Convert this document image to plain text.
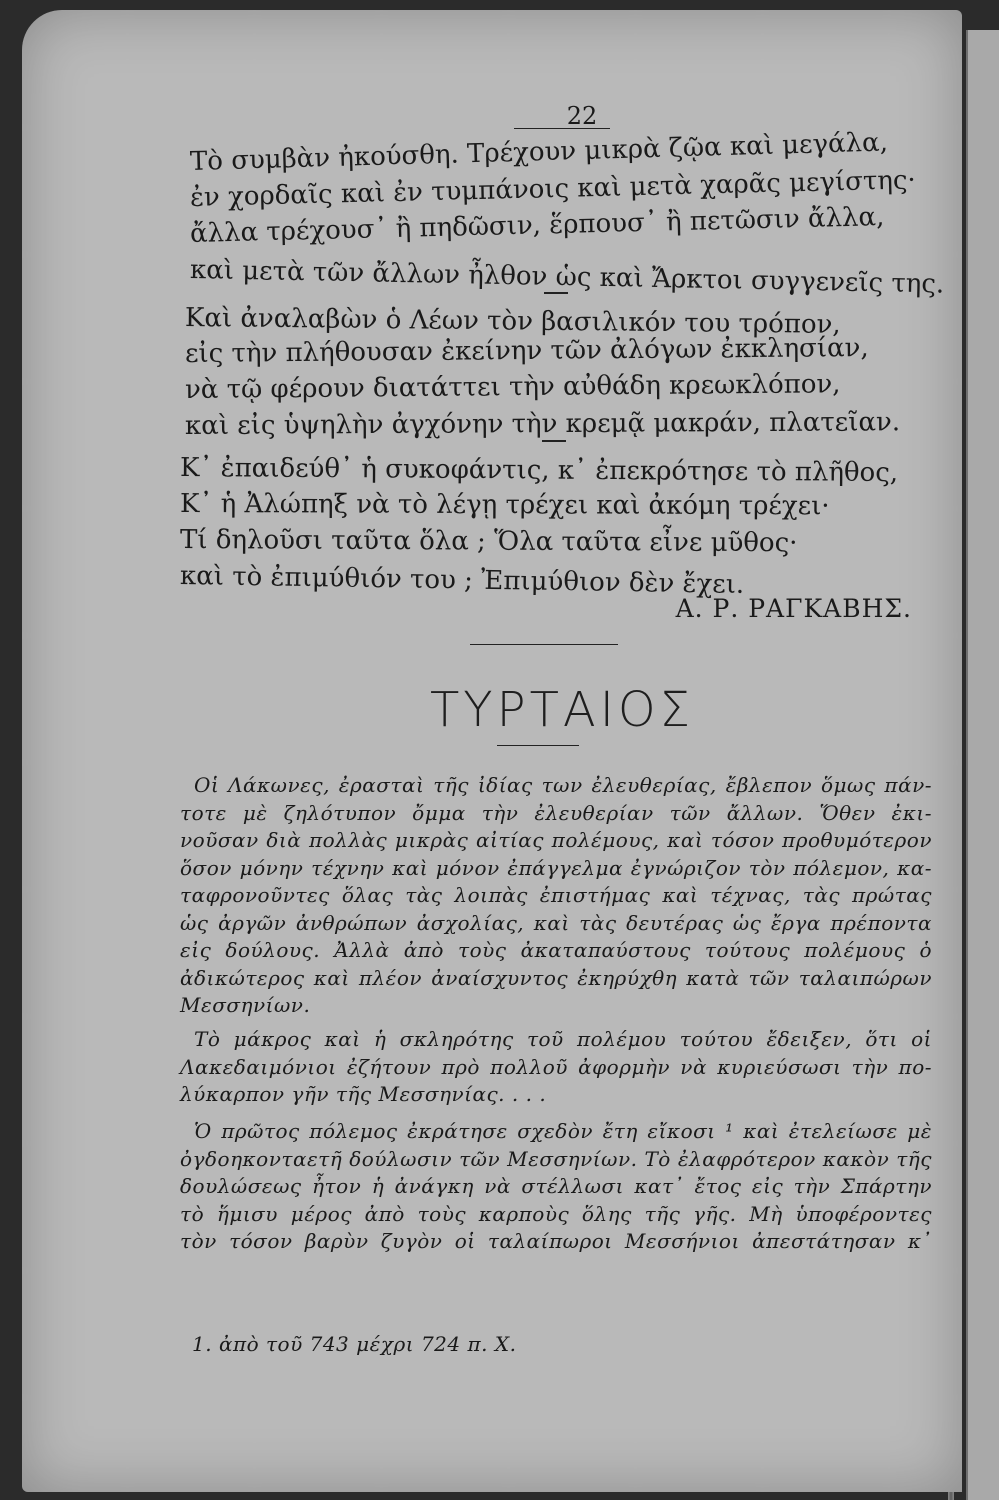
22
Τὸ συμβὰν ἠκούσθη. Τρέχουν μικρὰ ζῷα καὶ μεγάλα,
ἐν χορδαῖς καὶ ἐν τυμπάνοις καὶ μετὰ χαρᾶς μεγίστης·
ἄλλα τρέχουσ᾽ ἢ πηδῶσιν, ἕρπουσ᾽ ἢ πετῶσιν ἄλλα,
καὶ μετὰ τῶν ἄλλων ἦλθον ὡς καὶ Ἄρκτοι συγγενεῖς της.
Καὶ ἀναλαβὼν ὁ Λέων τὸν βασιλικόν του τρόπον,
εἰς τὴν πλήθουσαν ἐκείνην τῶν ἀλόγων ἐκκλησίαν,
νὰ τῷ φέρουν διατάττει τὴν αὐθάδη κρεωκλόπον,
καὶ εἰς ὑψηλὴν ἀγχόνην τὴν κρεμᾷ μακράν, πλατεῖαν.
Κ᾽ ἐπαιδεύθ᾽ ἡ συκοφάντις, κ᾽ ἐπεκρότησε τὸ πλῆθος,
Κ᾽ ἡ Ἀλώπηξ νὰ τὸ λέγῃ τρέχει καὶ ἀκόμη τρέχει·
Τί δηλοῦσι ταῦτα ὅλα ; Ὅλα ταῦτα εἶνε μῦθος·
καὶ τὸ ἐπιμύθιόν του ; Ἐπιμύθιον δὲν ἔχει.
Α. Ρ. ΡΑΓΚΑΒΗΣ.
ΤΥΡΤΑΙΟΣ
Οἱ Λάκωνες, ἐρασταὶ τῆς ἰδίας των ἐλευθερίας, ἔβλεπον ὅμως πάν-
τοτε μὲ ζηλότυπον ὄμμα τὴν ἐλευθερίαν τῶν ἄλλων. Ὅθεν ἐκι-
νοῦσαν διὰ πολλὰς μικρὰς αἰτίας πολέμους, καὶ τόσον προθυμότερον
ὅσον μόνην τέχνην καὶ μόνον ἐπάγγελμα ἐγνώριζον τὸν πόλεμον, κα-
ταφρονοῦντες ὅλας τὰς λοιπὰς ἐπιστήμας καὶ τέχνας, τὰς πρώτας
ὡς ἀργῶν ἀνθρώπων ἀσχολίας, καὶ τὰς δευτέρας ὡς ἔργα πρέποντα
εἰς δούλους. Ἀλλὰ ἀπὸ τοὺς ἀκαταπαύστους τούτους πολέμους ὁ
ἀδικώτερος καὶ πλέον ἀναίσχυντος ἐκηρύχθη κατὰ τῶν ταλαιπώρων
Μεσσηνίων.
Τὸ μάκρος καὶ ἡ σκληρότης τοῦ πολέμου τούτου ἔδειξεν, ὅτι οἱ
Λακεδαιμόνιοι ἐζήτουν πρὸ πολλοῦ ἀφορμὴν νὰ κυριεύσωσι τὴν πο-
λύκαρπον γῆν τῆς Μεσσηνίας. . . .
Ὁ πρῶτος πόλεμος ἐκράτησε σχεδὸν ἔτη εἴκοσι ¹ καὶ ἐτελείωσε μὲ
ὀγδοηκονταετῆ δούλωσιν τῶν Μεσσηνίων. Τὸ ἐλαφρότερον κακὸν τῆς
δουλώσεως ἦτον ἡ ἀνάγκη νὰ στέλλωσι κατ᾽ ἔτος εἰς τὴν Σπάρτην
τὸ ἥμισυ μέρος ἀπὸ τοὺς καρποὺς ὅλης τῆς γῆς. Μὴ ὑποφέροντες
τὸν τόσον βαρὺν ζυγὸν οἱ ταλαίπωροι Μεσσήνιοι ἀπεστάτησαν κ᾽
1. ἀπὸ τοῦ 743 μέχρι 724 π. Χ.
